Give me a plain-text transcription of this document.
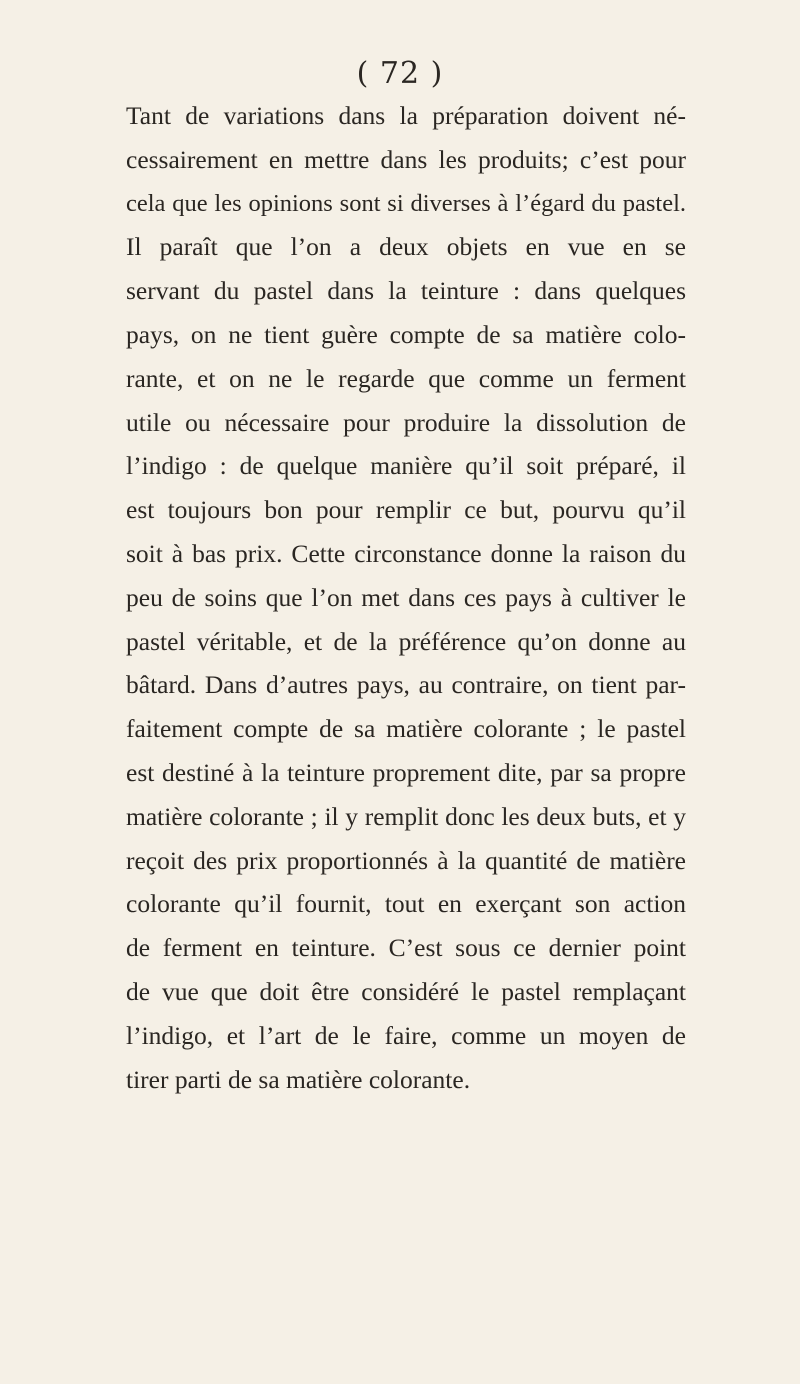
( 72 )
Tant de variations dans la préparation doivent né-
cessairement en mettre dans les produits; c’est pour
cela que les opinions sont si diverses à l’égard du pastel.
Il paraît que l’on a deux objets en vue en se
servant du pastel dans la teinture : dans quelques
pays, on ne tient guère compte de sa matière colo-
rante, et on ne le regarde que comme un ferment
utile ou nécessaire pour produire la dissolution de
l’indigo : de quelque manière qu’il soit préparé, il
est toujours bon pour remplir ce but, pourvu qu’il
soit à bas prix. Cette circonstance donne la raison du
peu de soins que l’on met dans ces pays à cultiver le
pastel véritable, et de la préférence qu’on donne au
bâtard. Dans d’autres pays, au contraire, on tient par-
faitement compte de sa matière colorante ; le pastel
est destiné à la teinture proprement dite, par sa propre
matière colorante ; il y remplit donc les deux buts, et y
reçoit des prix proportionnés à la quantité de matière
colorante qu’il fournit, tout en exerçant son action
de ferment en teinture. C’est sous ce dernier point
de vue que doit être considéré le pastel remplaçant
l’indigo, et l’art de le faire, comme un moyen de
tirer parti de sa matière colorante.
